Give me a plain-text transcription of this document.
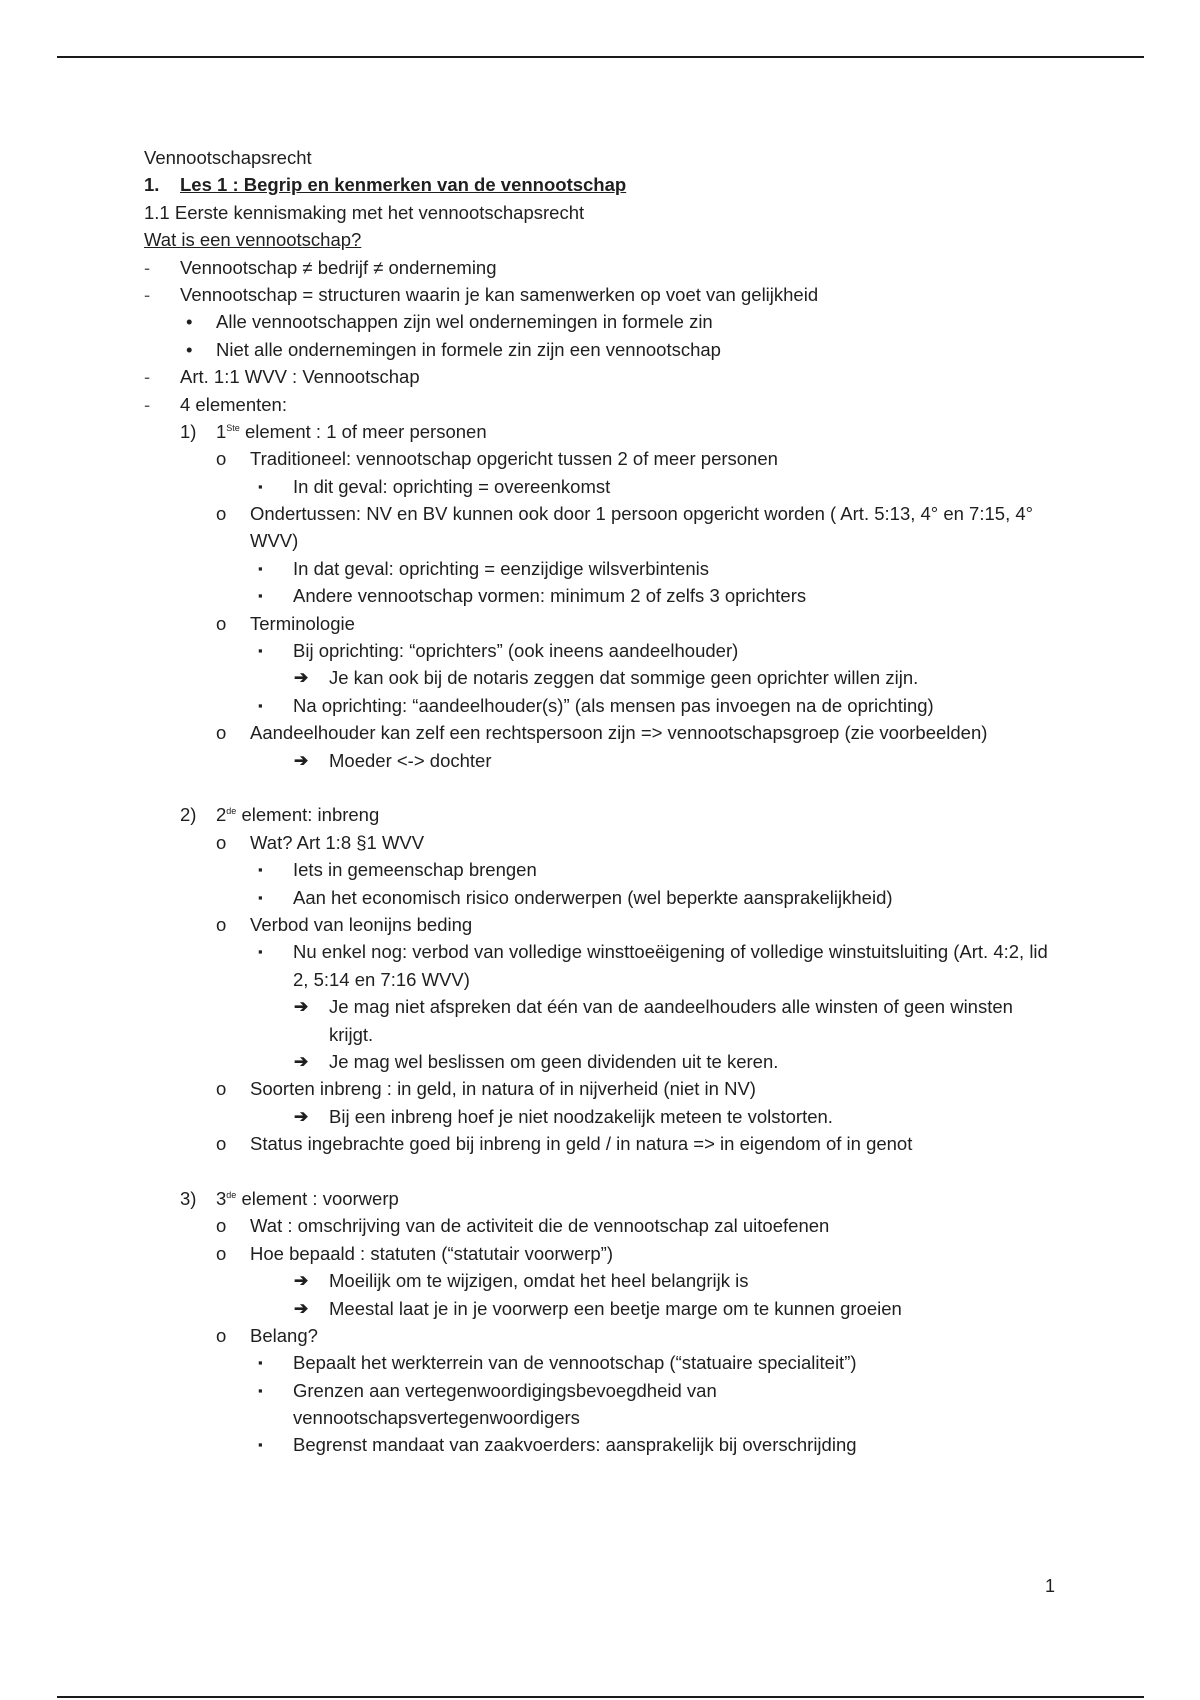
Vennootschapsrecht
1. Les 1 : Begrip en kenmerken van de vennootschap
1.1 Eerste kennismaking met het vennootschapsrecht
Wat is een vennootschap?
- Vennootschap ≠ bedrijf ≠ onderneming
- Vennootschap = structuren waarin je kan samenwerken op voet van gelijkheid
• Alle vennootschappen zijn wel ondernemingen in formele zin
• Niet alle ondernemingen in formele zin zijn een vennootschap
- Art. 1:1 WVV : Vennootschap
- 4 elementen:
1) 1Ste element : 1 of meer personen
o Traditioneel: vennootschap opgericht tussen 2 of meer personen
▪ In dit geval: oprichting = overeenkomst
o Ondertussen: NV en BV kunnen ook door 1 persoon opgericht worden ( Art. 5:13, 4° en 7:15, 4° WVV)
▪ In dat geval: oprichting = eenzijdige wilsverbintenis
▪ Andere vennootschap vormen: minimum 2 of zelfs 3 oprichters
o Terminologie
▪ Bij oprichting: “oprichters” (ook ineens aandeelhouder)
➔ Je kan ook bij de notaris zeggen dat sommige geen oprichter willen zijn.
▪ Na oprichting: “aandeelhouder(s)” (als mensen pas invoegen na de oprichting)
o Aandeelhouder kan zelf een rechtspersoon zijn => vennootschapsgroep (zie voorbeelden)
➔ Moeder <-> dochter
2) 2de element: inbreng
o Wat? Art 1:8 §1 WVV
▪ Iets in gemeenschap brengen
▪ Aan het economisch risico onderwerpen (wel beperkte aansprakelijkheid)
o Verbod van leonijns beding
▪ Nu enkel nog: verbod van volledige winsttoeëigening of volledige winstuitsluiting (Art. 4:2, lid 2, 5:14 en 7:16 WVV)
➔ Je mag niet afspreken dat één van de aandeelhouders alle winsten of geen winsten krijgt.
➔ Je mag wel beslissen om geen dividenden uit te keren.
o Soorten inbreng : in geld, in natura of in nijverheid (niet in NV)
➔ Bij een inbreng hoef je niet noodzakelijk meteen te volstorten.
o Status ingebrachte goed bij inbreng in geld / in natura => in eigendom of in genot
3) 3de element : voorwerp
o Wat : omschrijving van de activiteit die de vennootschap zal uitoefenen
o Hoe bepaald : statuten (“statutair voorwerp”)
➔ Moeilijk om te wijzigen, omdat het heel belangrijk is
➔ Meestal laat je in je voorwerp een beetje marge om te kunnen groeien
o Belang?
▪ Bepaalt het werkterrein van de vennootschap (“statuaire specialiteit”)
▪ Grenzen aan vertegenwoordigingsbevoegdheid van vennootschapsvertegenwoordigers
▪ Begrenst mandaat van zaakvoerders: aansprakelijk bij overschrijding
1
